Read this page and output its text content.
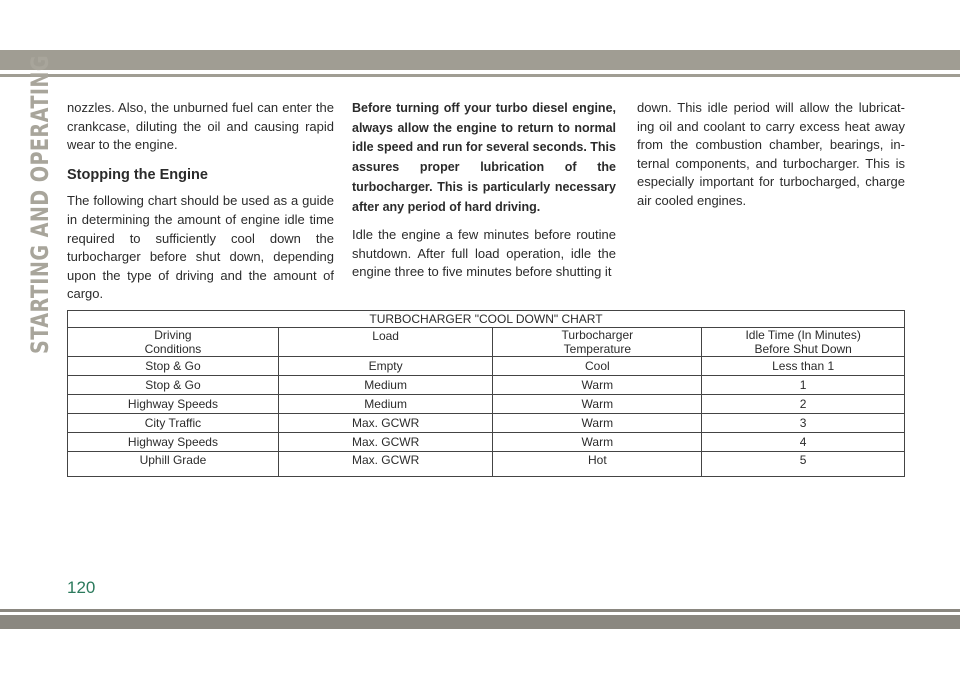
STARTING AND OPERATING nozzles. Also, the unburned fuel can enter the crankcase, diluting the oil and causing rapid wear to the engine.

Stopping the Engine

The following chart should be used as a guide in determining the amount of engine idle time required to sufficiently cool down the turbocharger before shut down, depending upon the type of driving and the amount of cargo.

Before turning off your turbo diesel engine, always allow the engine to return to normal idle speed and run for several seconds. This assures proper lubrication of the turbocharger. This is particularly necessary after any period of hard driving.

Idle the engine a few minutes before routine shutdown. After full load operation, idle the engine three to five minutes before shutting it

down. This idle period will allow the lubricat-ing oil and coolant to carry excess heat away from the combustion chamber, bearings, in-ternal components, and turbocharger. This is especially important for turbocharged, charge air cooled engines.

TURBOCHARGER "COOL DOWN" CHART			
Driving Conditions	Load	Turbocharger Temperature	Idle Time (In Minutes) Before Shut Down
Stop & Go	Empty	Cool	Less than 1
Stop & Go	Medium	Warm	1
Highway Speeds	Medium	Warm	2
City Traffic	Max. GCWR	Warm	3
Highway Speeds	Max. GCWR	Warm	4
Uphill Grade	Max. GCWR	Hot	5
120
